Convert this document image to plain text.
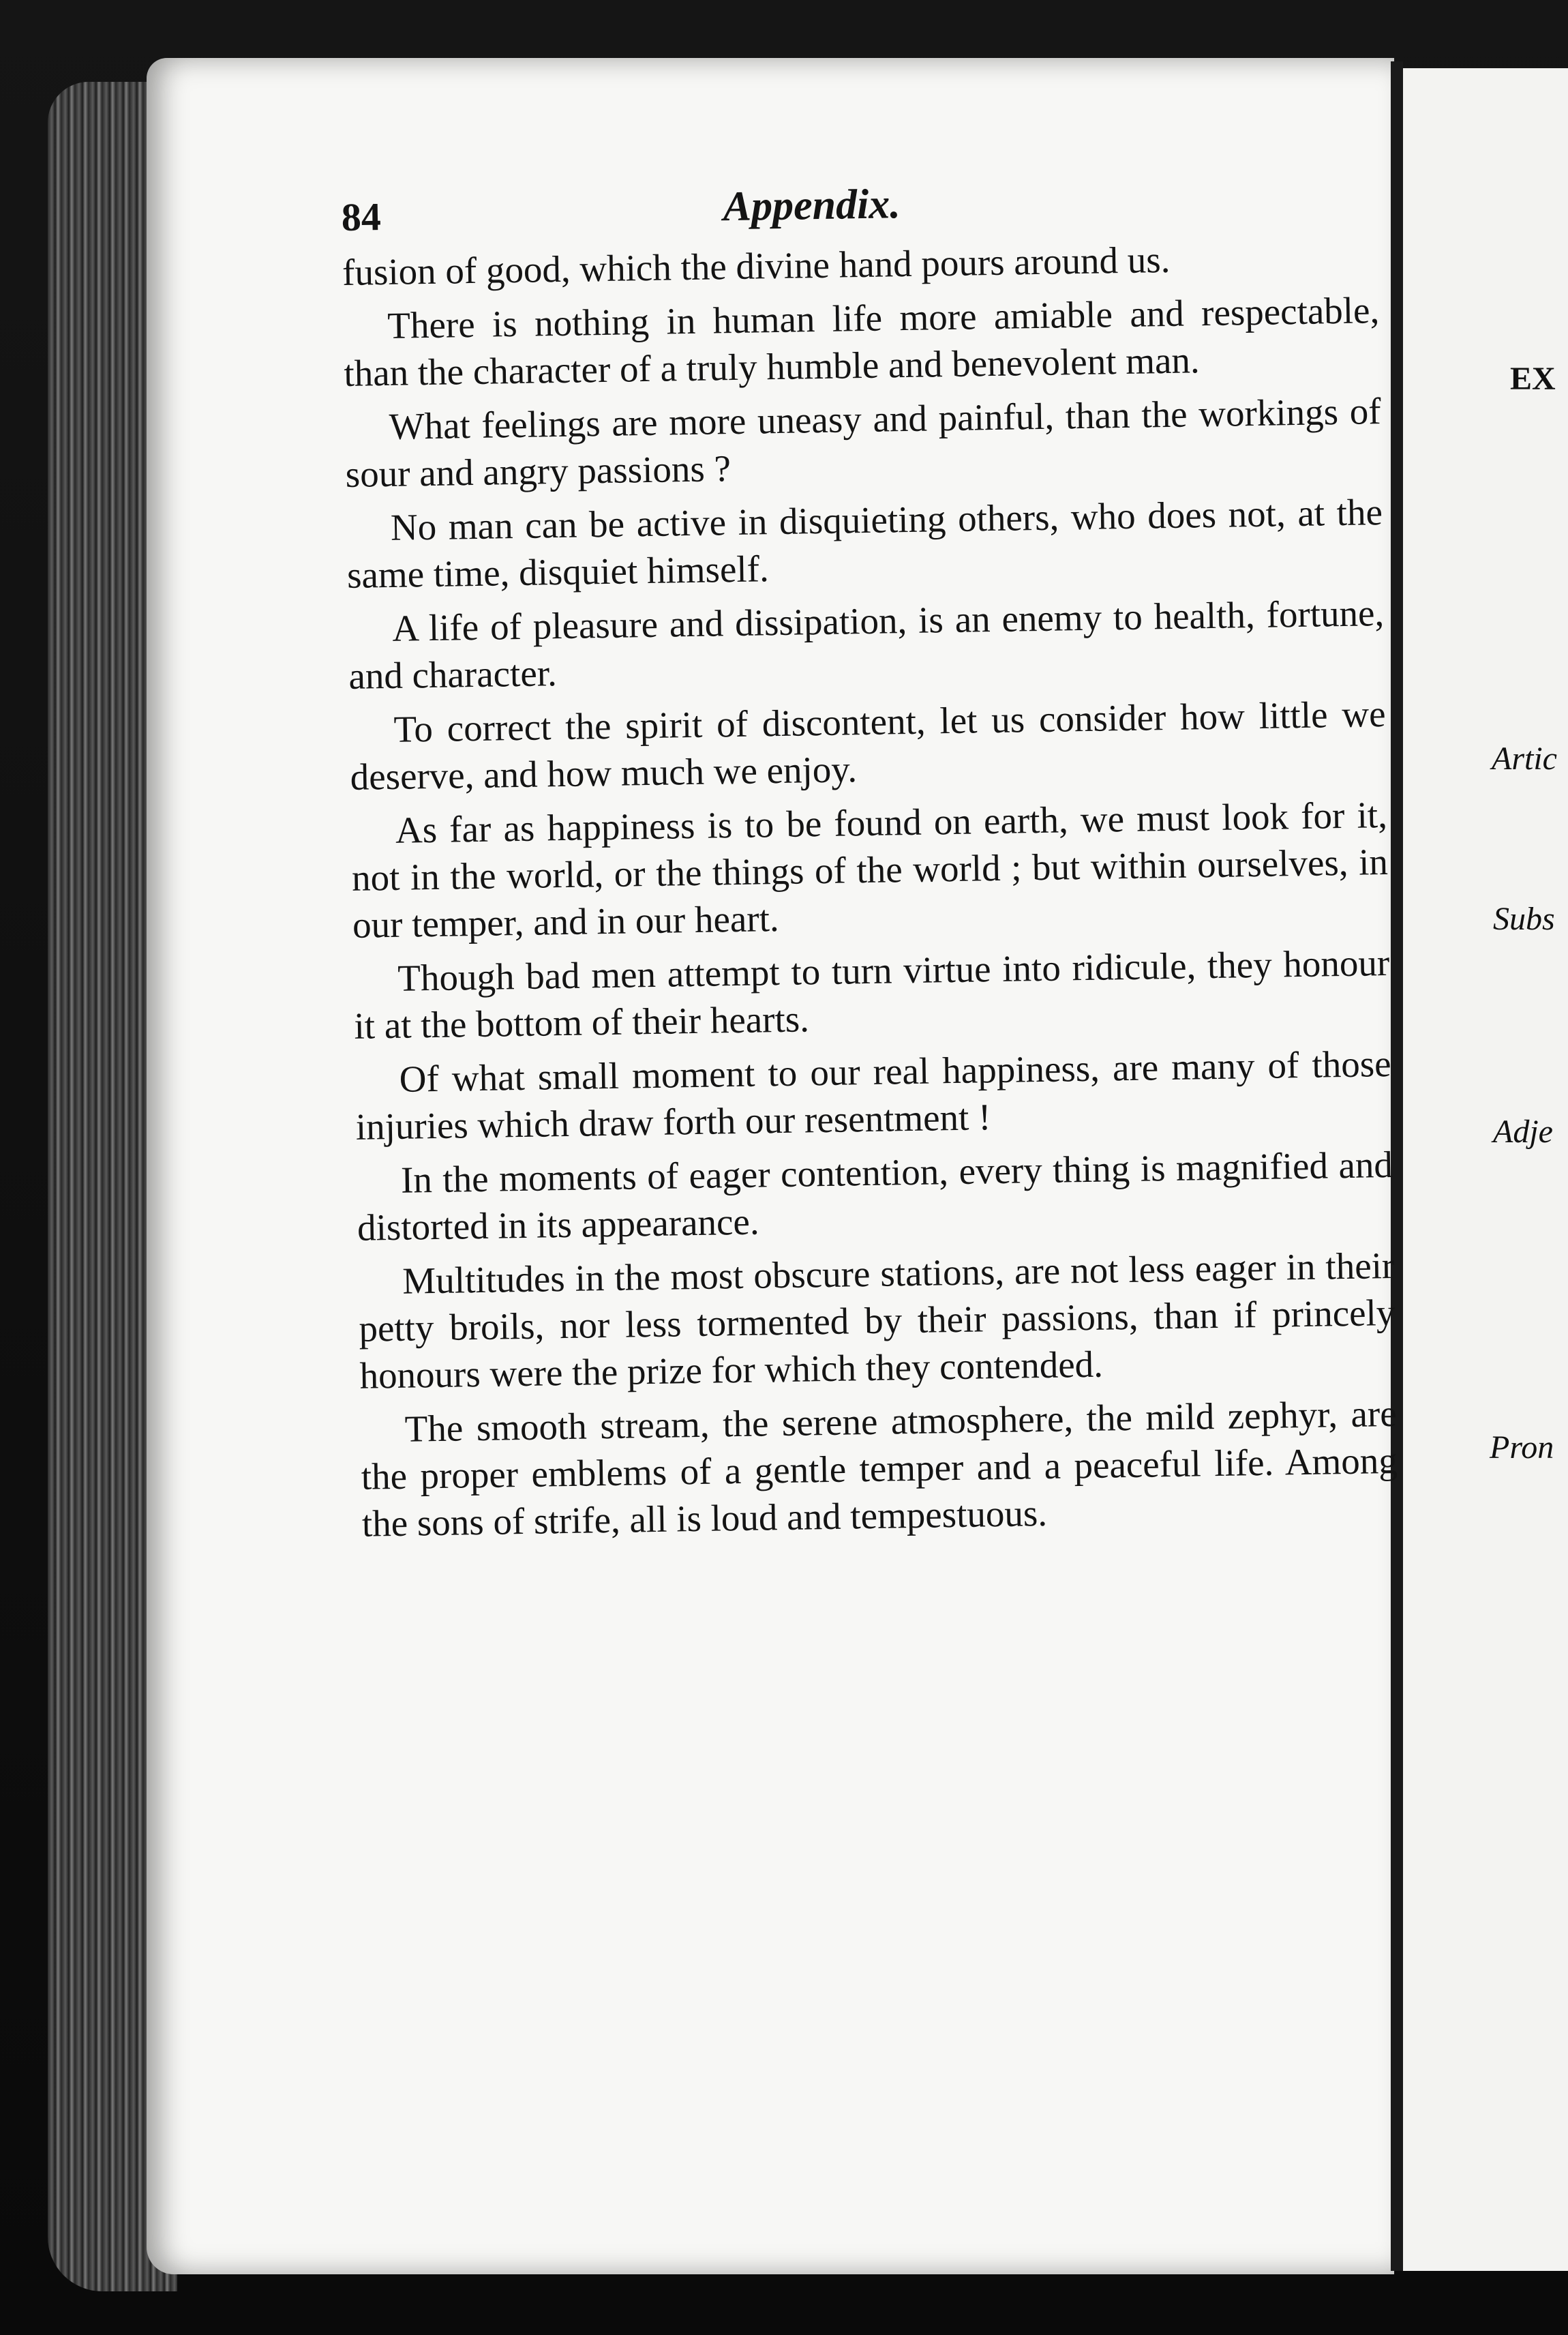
EX
Artic
Subs
Adje
Pron
84	Appendix.

fusion of good, which the divine hand pours around us.

There is nothing in human life more amiable and respectable, than the character of a truly humble and benevolent man.

What feelings are more uneasy and painful, than the workings of sour and angry passions ?

No man can be active in disquieting others, who does not, at the same time, disquiet himself.

A life of pleasure and dissipation, is an enemy to health, fortune, and character.

To correct the spirit of discontent, let us consider how little we deserve, and how much we enjoy.

As far as happiness is to be found on earth, we must look for it, not in the world, or the things of the world ; but within ourselves, in our temper, and in our heart.

Though bad men attempt to turn virtue into ridicule, they honour it at the bottom of their hearts.

Of what small moment to our real happiness, are many of those injuries which draw forth our resentment !

In the moments of eager contention, every thing is magnified and distorted in its appearance.

Multitudes in the most obscure stations, are not less eager in their petty broils, nor less tormented by their passions, than if princely honours were the prize for which they contended.

The smooth stream, the serene atmosphere, the mild zephyr, are the proper emblems of a gentle temper and a peaceful life. Among the sons of strife, all is loud and tempestuous.
